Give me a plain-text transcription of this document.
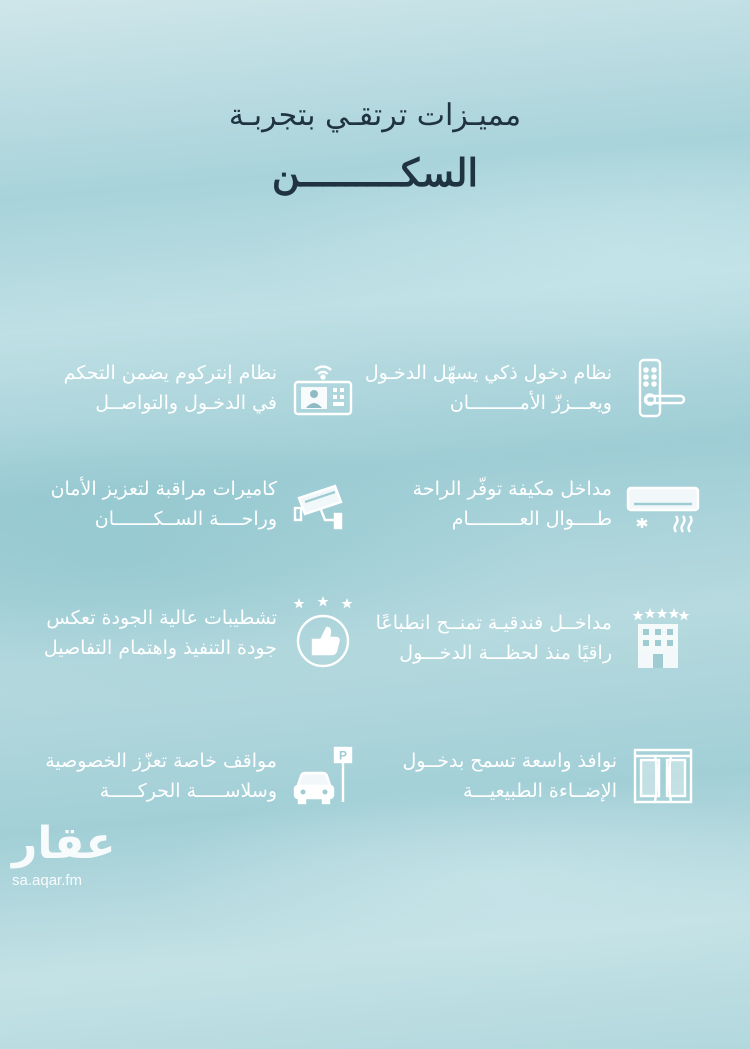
مميـزات ترتقـي بتجربـة
السكـــــــــن
نظام دخول ذكي يسهّل الدخـول
ويعـــززّ الأمـــــــــان
نظام إنتركوم يضمن التحكم
في الدخـول والتواصــل
مداخل مكيفة توفّر الراحة
طــــوال العـــــــــام
كاميرات مراقبة لتعزيز الأمان
وراحــــة الســكـــــــان
مداخــل فندقيـة تمنــح انطباعًا
راقيًا منذ لحظـــة الدخـــول
تشطيبات عالية الجودة تعكس
جودة التنفيذ واهتمام التفاصيل
نوافذ واسعة تسمح بدخــول
الإضــاءة الطبيعيـــة
P
مواقف خاصة تعزّز الخصوصية
وسلاســـــة الحركـــــة
عقار
sa.aqar.fm
